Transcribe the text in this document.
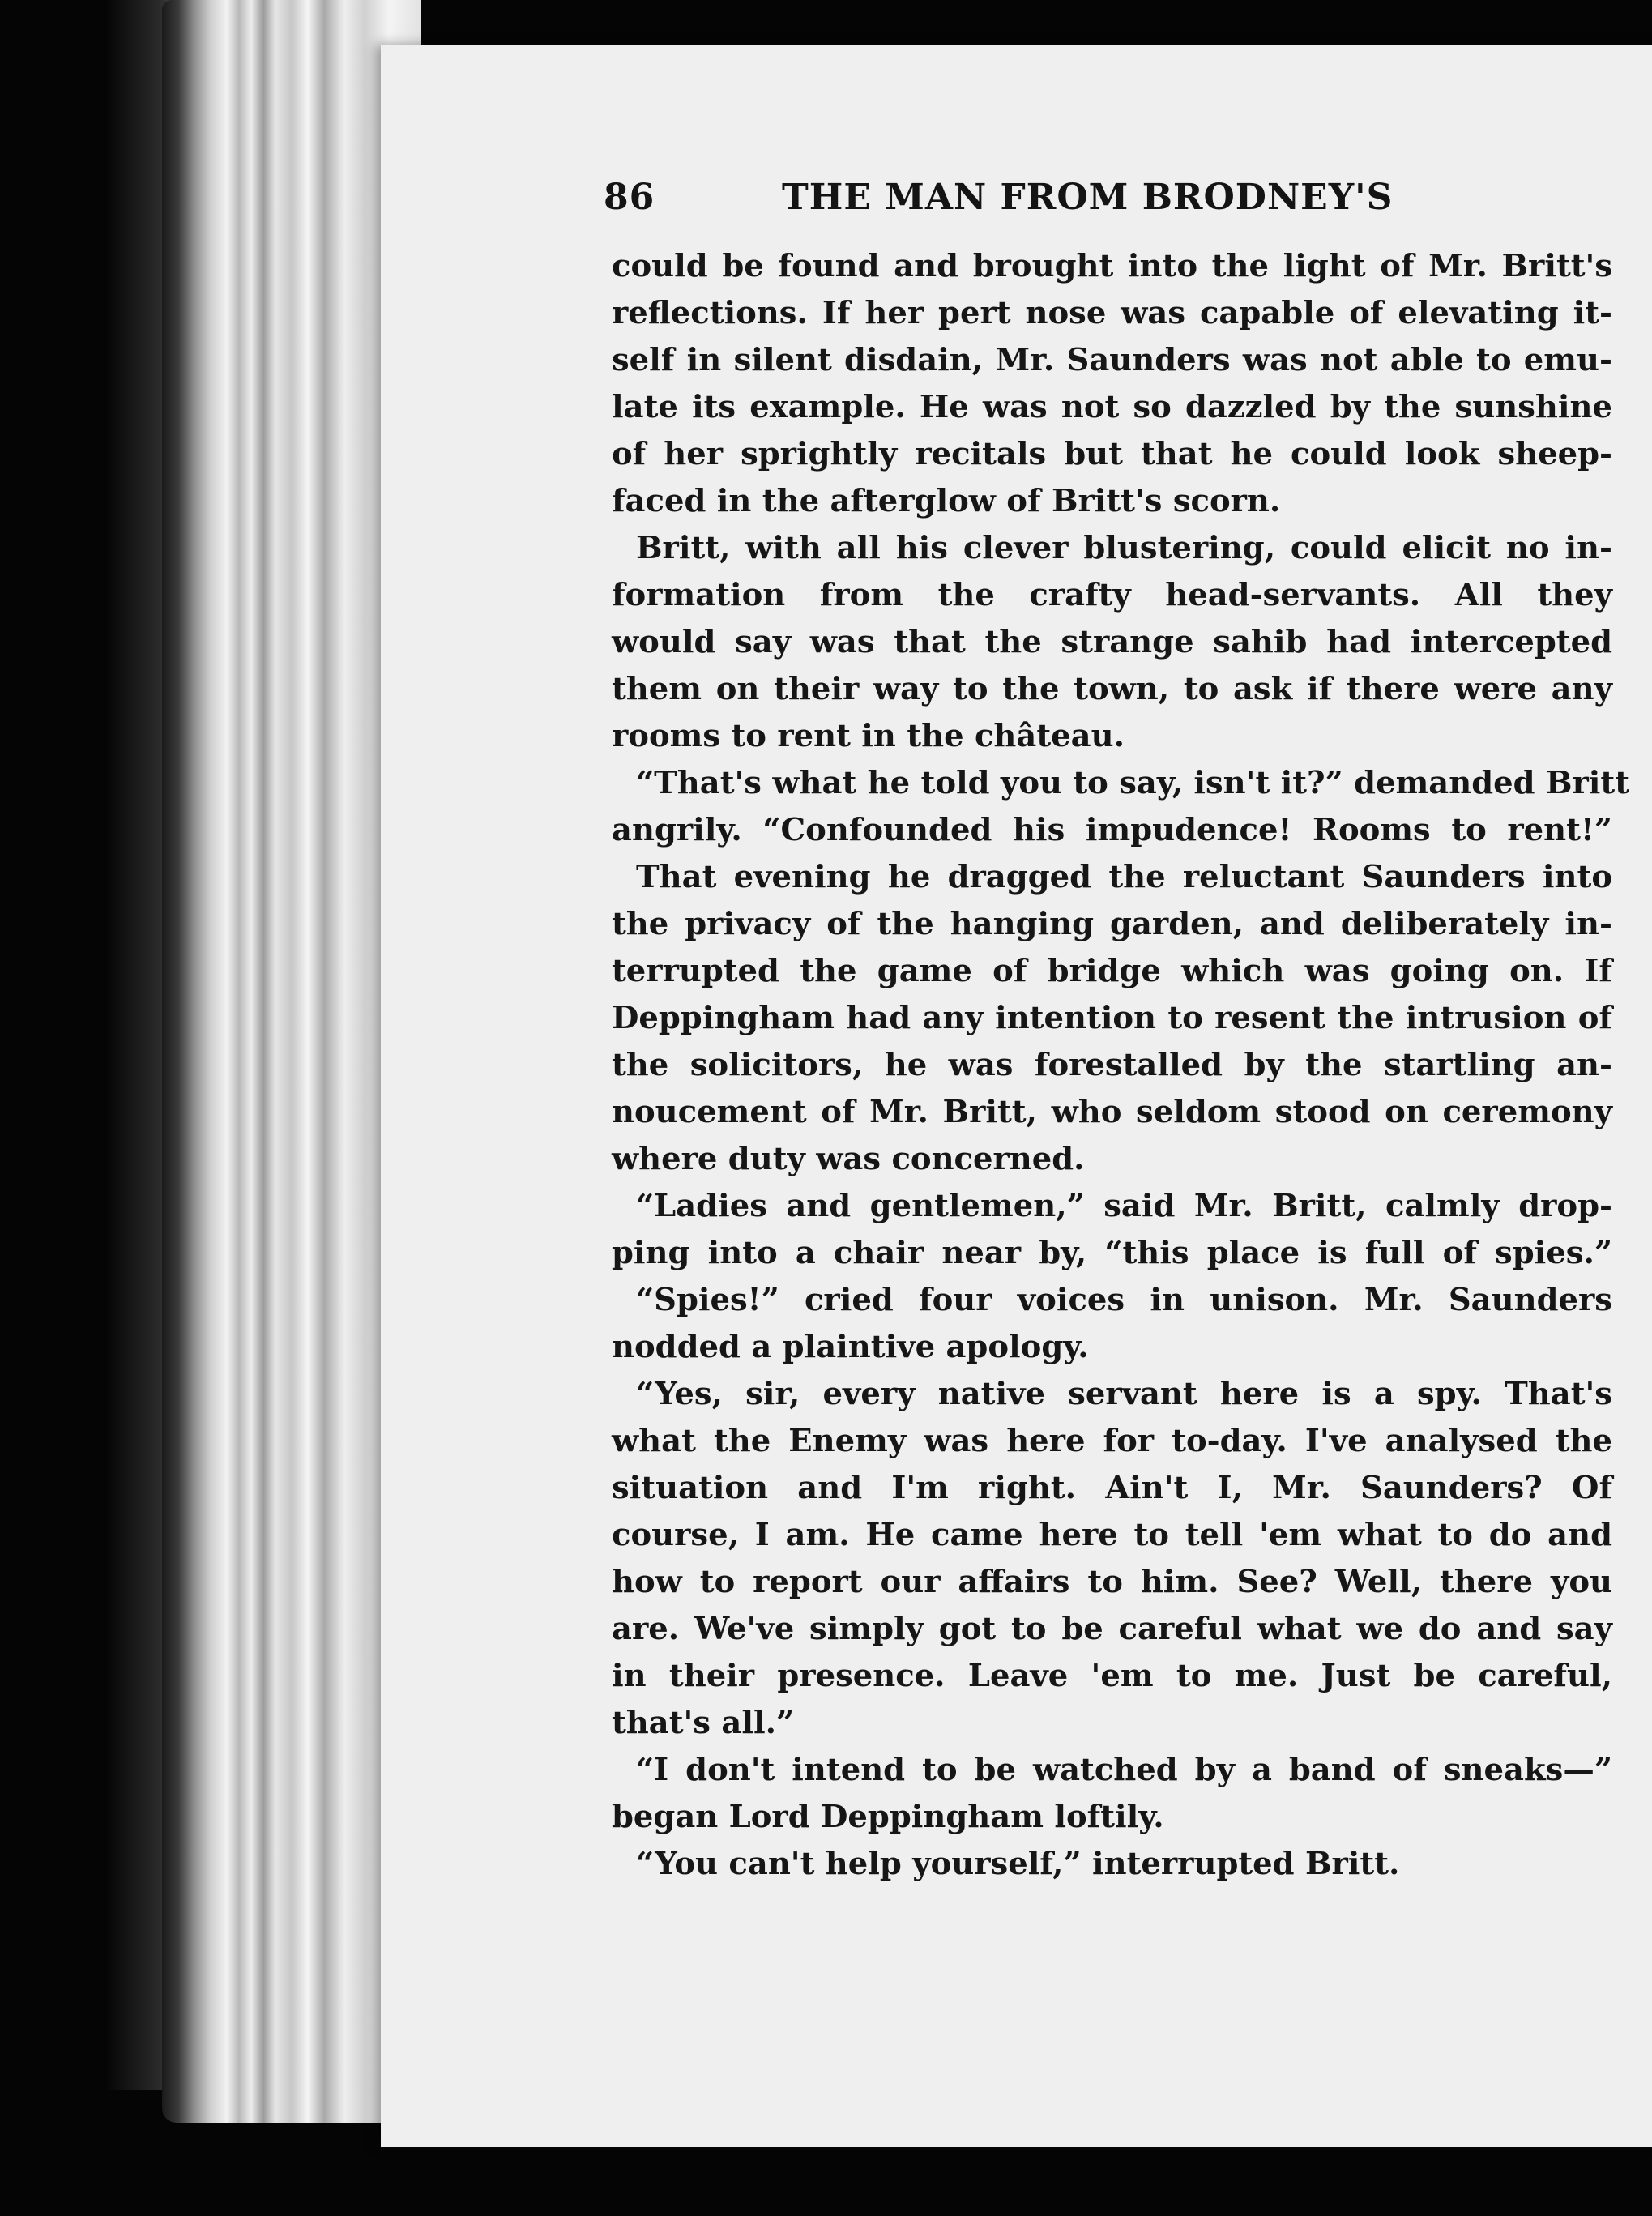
86	THE MAN FROM BRODNEY'S
could be found and brought into the light of Mr. Britt's
reflections. If her pert nose was capable of elevating it-
self in silent disdain, Mr. Saunders was not able to emu-
late its example. He was not so dazzled by the sunshine
of her sprightly recitals but that he could look sheep-
faced in the afterglow of Britt's scorn.
Britt, with all his clever blustering, could elicit no in-
formation from the crafty head-servants. All they
would say was that the strange sahib had intercepted
them on their way to the town, to ask if there were any
rooms to rent in the château.
“That's what he told you to say, isn't it?” demanded Britt
angrily. “Confounded his impudence! Rooms to rent!”
That evening he dragged the reluctant Saunders into
the privacy of the hanging garden, and deliberately in-
terrupted the game of bridge which was going on. If
Deppingham had any intention to resent the intrusion of
the solicitors, he was forestalled by the startling an-
noucement of Mr. Britt, who seldom stood on ceremony
where duty was concerned.
“Ladies and gentlemen,” said Mr. Britt, calmly drop-
ping into a chair near by, “this place is full of spies.”
“Spies!” cried four voices in unison. Mr. Saunders
nodded a plaintive apology.
“Yes, sir, every native servant here is a spy. That's
what the Enemy was here for to-day. I've analysed the
situation and I'm right. Ain't I, Mr. Saunders? Of
course, I am. He came here to tell 'em what to do and
how to report our affairs to him. See? Well, there you
are. We've simply got to be careful what we do and say
in their presence. Leave 'em to me. Just be careful,
that's all.”
“I don't intend to be watched by a band of sneaks—”
began Lord Deppingham loftily.
“You can't help yourself,” interrupted Britt.
